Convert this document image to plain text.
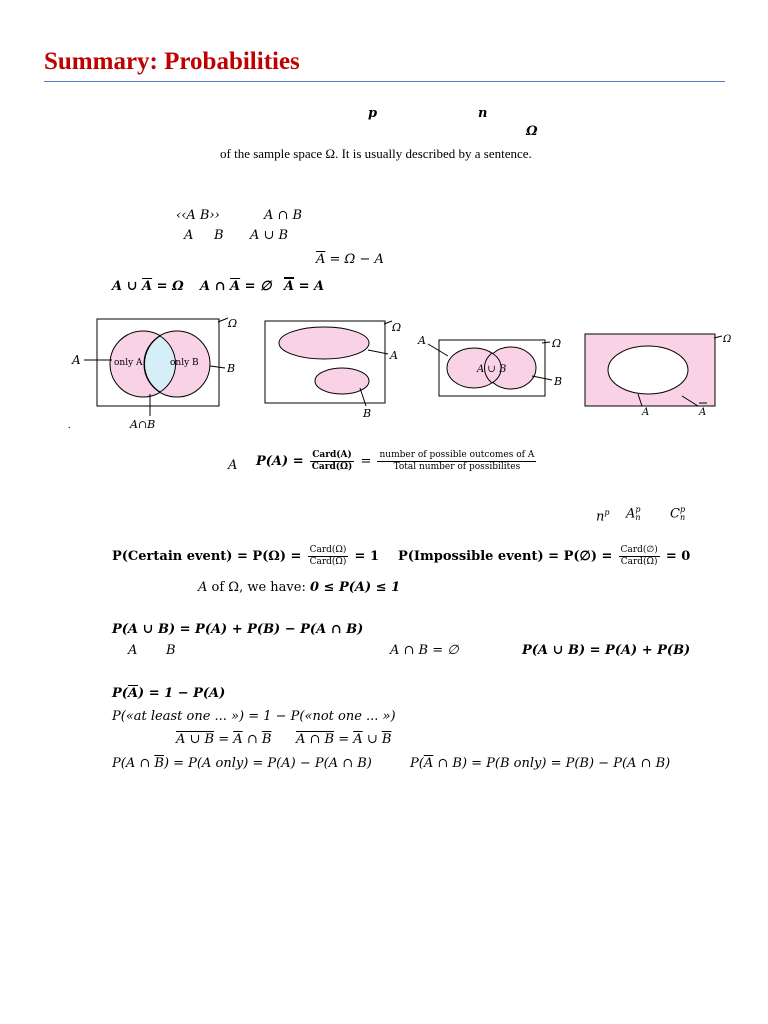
Summary: Probabilities
p	n
Ω
of the sample space Ω. It is usually described by a sentence.
‹‹A B››	A ∩ B
A B A ∪ B
$\overline{A} = \Omega - A$
A ∪ $\overline{A} = \Omega$ A ∩ $\overline{A}$ = ∅ $\overline{A} = A$
Ω
A
B
only A	only B
A∩B
Ω
A
B
A	Ω
B
A ∪ B
Ω
A	A
.
A $P(A) = \frac{\text{Card(A)}}{\text{Card(Ω)}} = \frac{\text{number of possible outcomes of A}}{\text{Total number of possibilites}}$
$n^p$ A p
n C p
n
P(Certain event) = $P(\Omega) = \frac{\text{Card(Ω)}}{\text{Card(Ω)}} = 1$ P(Impossible event) = P(∅) = $\frac{\text{Card(∅)}}{\text{Card(Ω)}} = 0$
A of Ω, we have: 0 ≤ P(A) ≤ 1
P(A ∪ B) = P(A) + P(B) − P(A ∩ B)
A B	A ∩ B = ∅	P(A ∪ B) = P(A) + P(B)
$P(\overline{A}) = 1 - P(A)$
P(«at least one ... ») = 1 − P(«not one ... »)
A ∪ $B = \overline{A}$ ∩ $\overline{B}$ A ∩ $B = \overline{A}$ ∪ $\overline{B}$
P(A ∩ $\overline{B}) = P(A$ only) = P(A) − P(A ∩ B)	$P(\overline{A}$ ∩ B) = P(B only) = P(B) − P(A ∩ B)
